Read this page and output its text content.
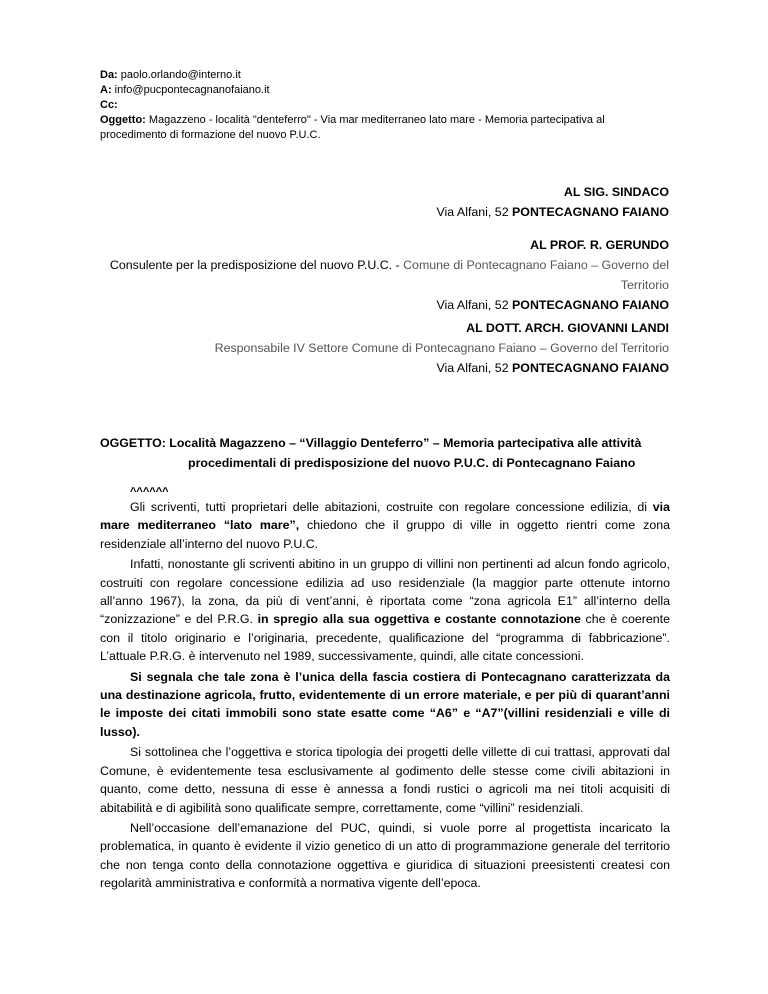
Da: paolo.orlando@interno.it

A: info@pucpontecagnanofaiano.it

Cc:

Oggetto: Magazzeno - località "denteferro" - Via mar mediterraneo lato mare - Memoria partecipativa al procedimento di formazione del nuovo P.U.C.

AL SIG. SINDACO

Via Alfani, 52 PONTECAGNANO FAIANO

AL PROF. R. GERUNDO

Consulente per la predisposizione del nuovo P.U.C. - Comune di Pontecagnano Faiano – Governo del Territorio

Via Alfani, 52 PONTECAGNANO FAIANO

AL DOTT. ARCH. GIOVANNI LANDI

Responsabile IV Settore Comune di Pontecagnano Faiano – Governo del Territorio

Via Alfani, 52 PONTECAGNANO FAIANO

OGGETTO: Località Magazzeno – “Villaggio Denteferro” – Memoria partecipativa alle attività
procedimentali di predisposizione del nuovo P.U.C. di Pontecagnano Faiano
^^^^^^

Gli scriventi, tutti proprietari delle abitazioni, costruite con regolare concessione edilizia, di via mare mediterraneo “lato mare”, chiedono che il gruppo di ville in oggetto rientri come zona residenziale all’interno del nuovo P.U.C.

Infatti, nonostante gli scriventi abitino in un gruppo di villini non pertinenti ad alcun fondo agricolo, costruiti con regolare concessione edilizia ad uso residenziale (la maggior parte ottenute intorno all’anno 1967), la zona, da più di vent’anni, è riportata come “zona agricola E1” all’interno della “zonizzazione” e del P.R.G. in spregio alla sua oggettiva e costante connotazione che è coerente con il titolo originario e l’originaria, precedente, qualificazione del “programma di fabbricazione”. L’attuale P.R.G. è intervenuto nel 1989, successivamente, quindi, alle citate concessioni.

Si segnala che tale zona è l’unica della fascia costiera di Pontecagnano caratterizzata da una destinazione agricola, frutto, evidentemente di un errore materiale, e per più di quarant’anni le imposte dei citati immobili sono state esatte come “A6” e “A7”(villini residenziali e ville di lusso).

Si sottolinea che l’oggettiva e storica tipologia dei progetti delle villette di cui trattasi, approvati dal Comune, è evidentemente tesa esclusivamente al godimento delle stesse come civili abitazioni in quanto, come detto, nessuna di esse è annessa a fondi rustici o agricoli ma nei titoli acquisiti di abitabilità e di agibilità sono qualificate sempre, correttamente, come “villini” residenziali.

Nell’occasione dell’emanazione del PUC, quindi, si vuole porre al progettista incaricato la problematica, in quanto è evidente il vizio genetico di un atto di programmazione generale del territorio che non tenga conto della connotazione oggettiva e giuridica di situazioni preesistenti createsi con regolarità amministrativa e conformità a normativa vigente dell’epoca.
